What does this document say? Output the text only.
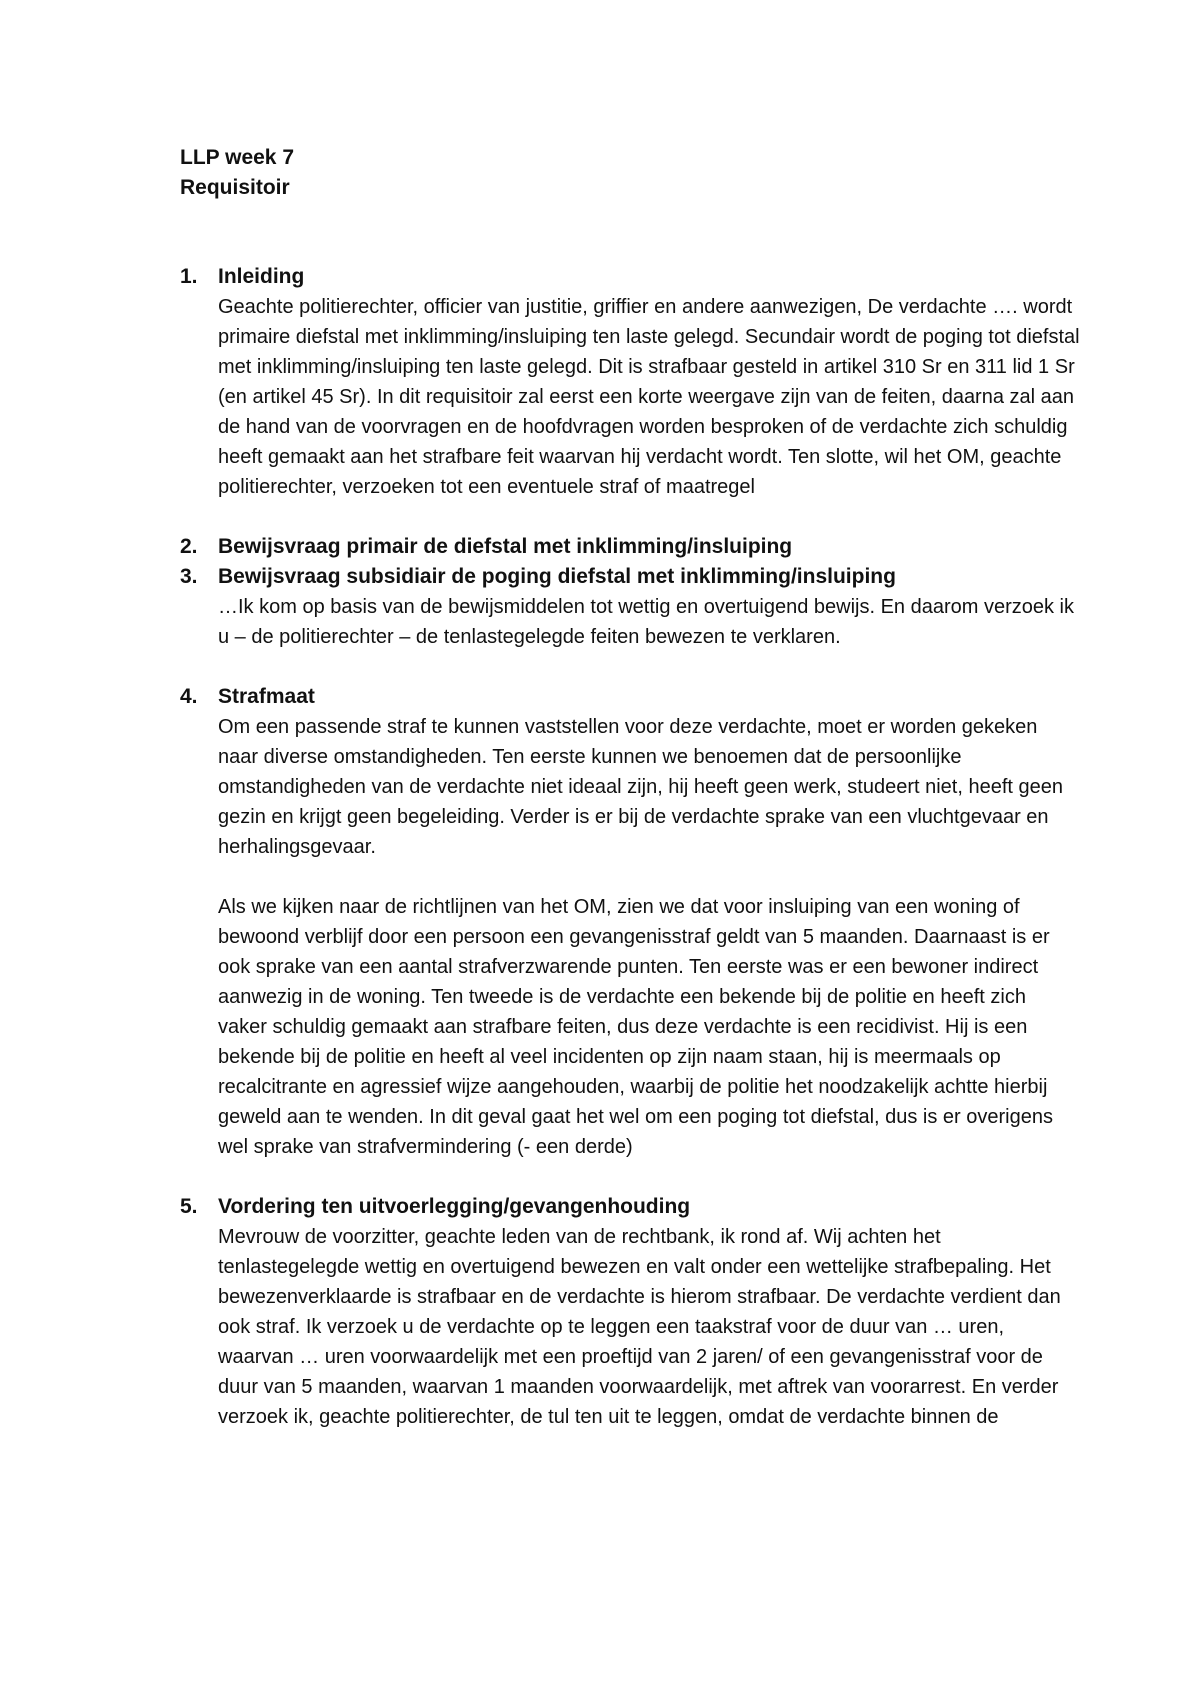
LLP week 7
Requisitoir
1. Inleiding

Geachte politierechter, officier van justitie, griffier en andere aanwezigen, De verdachte …. wordt primaire diefstal met inklimming/insluiping ten laste gelegd. Secundair wordt de poging tot diefstal met inklimming/insluiping ten laste gelegd. Dit is strafbaar gesteld in artikel 310 Sr en 311 lid 1 Sr (en artikel 45 Sr). In dit requisitoir zal eerst een korte weergave zijn van de feiten, daarna zal aan de hand van de voorvragen en de hoofdvragen worden besproken of de verdachte zich schuldig heeft gemaakt aan het strafbare feit waarvan hij verdacht wordt. Ten slotte, wil het OM, geachte politierechter, verzoeken tot een eventuele straf of maatregel

2. Bewijsvraag primair de diefstal met inklimming/insluiping
3. Bewijsvraag subsidiair de poging diefstal met inklimming/insluiping

…Ik kom op basis van de bewijsmiddelen tot wettig en overtuigend bewijs. En daarom verzoek ik u – de politierechter – de tenlastegelegde feiten bewezen te verklaren.

4. Strafmaat

Om een passende straf te kunnen vaststellen voor deze verdachte, moet er worden gekeken naar diverse omstandigheden. Ten eerste kunnen we benoemen dat de persoonlijke omstandigheden van de verdachte niet ideaal zijn, hij heeft geen werk, studeert niet, heeft geen gezin en krijgt geen begeleiding. Verder is er bij de verdachte sprake van een vluchtgevaar en herhalingsgevaar.

Als we kijken naar de richtlijnen van het OM, zien we dat voor insluiping van een woning of bewoond verblijf door een persoon een gevangenisstraf geldt van 5 maanden. Daarnaast is er ook sprake van een aantal strafverzwarende punten. Ten eerste was er een bewoner indirect aanwezig in de woning. Ten tweede is de verdachte een bekende bij de politie en heeft zich vaker schuldig gemaakt aan strafbare feiten, dus deze verdachte is een recidivist. Hij is een bekende bij de politie en heeft al veel incidenten op zijn naam staan, hij is meermaals op recalcitrante en agressief wijze aangehouden, waarbij de politie het noodzakelijk achtte hierbij geweld aan te wenden. In dit geval gaat het wel om een poging tot diefstal, dus is er overigens wel sprake van strafvermindering (- een derde)

5. Vordering ten uitvoerlegging/gevangenhouding

Mevrouw de voorzitter, geachte leden van de rechtbank, ik rond af. Wij achten het tenlastegelegde wettig en overtuigend bewezen en valt onder een wettelijke strafbepaling. Het bewezenverklaarde is strafbaar en de verdachte is hierom strafbaar. De verdachte verdient dan ook straf. Ik verzoek u de verdachte op te leggen een taakstraf voor de duur van … uren, waarvan … uren voorwaardelijk met een proeftijd van 2 jaren/ of een gevangenisstraf voor de duur van 5 maanden, waarvan 1 maanden voorwaardelijk, met aftrek van voorarrest. En verder verzoek ik, geachte politierechter, de tul ten uit te leggen, omdat de verdachte binnen de
